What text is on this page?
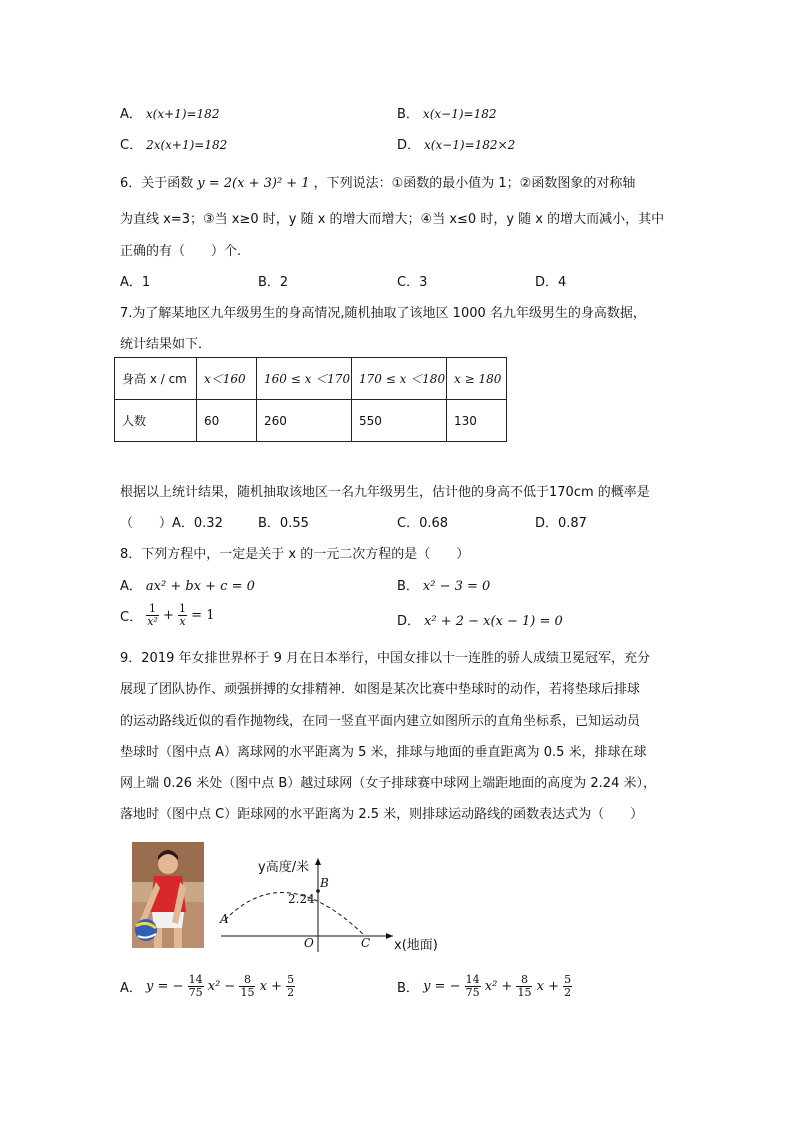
A． x(x+1)=182	B． x(x−1)=182
C． 2x(x+1)=182	D． x(x−1)=182×2
6．关于函数 y = 2(x + 3)² + 1 ，下列说法：①函数的最小值为 1；②函数图象的对称轴
为直线 x=3；③当 x≥0 时，y 随 x 的增大而增大；④当 x≤0 时，y 随 x 的增大而减小，其中
正确的有（　　）个.
A．1	B．2	C．3	D．4
7.为了解某地区九年级男生的身高情况,随机抽取了该地区 1000 名九年级男生的身高数据，
统计结果如下．
身高 x / cm	x＜160	160 ≤ x ＜170	170 ≤ x ＜180	x ≥ 180
人数	60	260	550	130
根据以上统计结果，随机抽取该地区一名九年级男生，估计他的身高不低于170cm 的概率是
（　　） A．0.32	B．0.55	C．0.68	D．0.87
8．下列方程中，一定是关于 x 的一元二次方程的是（　　）
A． ax² + bx + c = 0	B． x² − 3 = 0
C． $\frac{1}{\text{x²}} + \frac{1}{x} = 1$	D． x² + 2 − x(x − 1) = 0
9．2019 年女排世界杯于 9 月在日本举行，中国女排以十一连胜的骄人成绩卫冕冠军，充分
展现了团队协作、顽强拼搏的女排精神．如图是某次比赛中垫球时的动作，若将垫球后排球
的运动路线近似的看作抛物线，在同一竖直平面内建立如图所示的直角坐标系，已知运动员
垫球时（图中点 A）离球网的水平距离为 5 米，排球与地面的垂直距离为 0.5 米，排球在球
网上端 0.26 米处（图中点 B）越过球网（女子排球赛中球网上端距地面的高度为 2.24 米），
落地时（图中点 C）距球网的水平距离为 2.5 米，则排球运动路线的函数表达式为（　　）
y高度/米
B
2.24
A
O	C x(地面)
A． y = − $\frac{14}{75} x^2 - \frac{8}{15}$ $x + \frac{5}{2}$	B． y = − $\frac{14}{75} x^2 + \frac{8}{15}$ $x + \frac{5}{2}$
